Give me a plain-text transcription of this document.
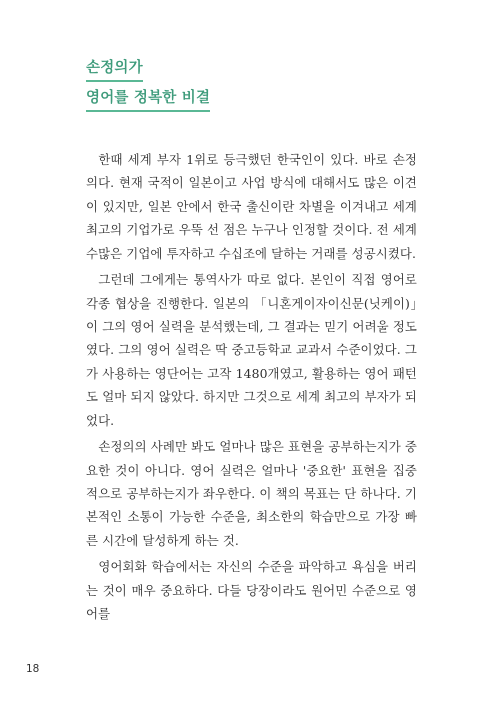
손정의가
영어를 정복한 비결

한때 세계 부자 1위로 등극했던 한국인이 있다. 바로 손정의다. 현재 국적이 일본이고 사업 방식에 대해서도 많은 이견이 있지만, 일본 안에서 한국 출신이란 차별을 이겨내고 세계 최고의 기업가로 우뚝 선 점은 누구나 인정할 것이다. 전 세계 수많은 기업에 투자하고 수십조에 달하는 거래를 성공시켰다.

그런데 그에게는 통역사가 따로 없다. 본인이 직접 영어로 각종 협상을 진행한다. 일본의 「니혼게이자이신문(닛케이)」이 그의 영어 실력을 분석했는데, 그 결과는 믿기 어려울 정도였다. 그의 영어 실력은 딱 중고등학교 교과서 수준이었다. 그가 사용하는 영단어는 고작 1480개였고, 활용하는 영어 패턴도 얼마 되지 않았다. 하지만 그것으로 세계 최고의 부자가 되었다.

손정의의 사례만 봐도 얼마나 많은 표현을 공부하는지가 중요한 것이 아니다. 영어 실력은 얼마나 '중요한' 표현을 집중적으로 공부하는지가 좌우한다. 이 책의 목표는 단 하나다. 기본적인 소통이 가능한 수준을, 최소한의 학습만으로 가장 빠른 시간에 달성하게 하는 것.

영어회화 학습에서는 자신의 수준을 파악하고 욕심을 버리는 것이 매우 중요하다. 다들 당장이라도 원어민 수준으로 영어를

18
